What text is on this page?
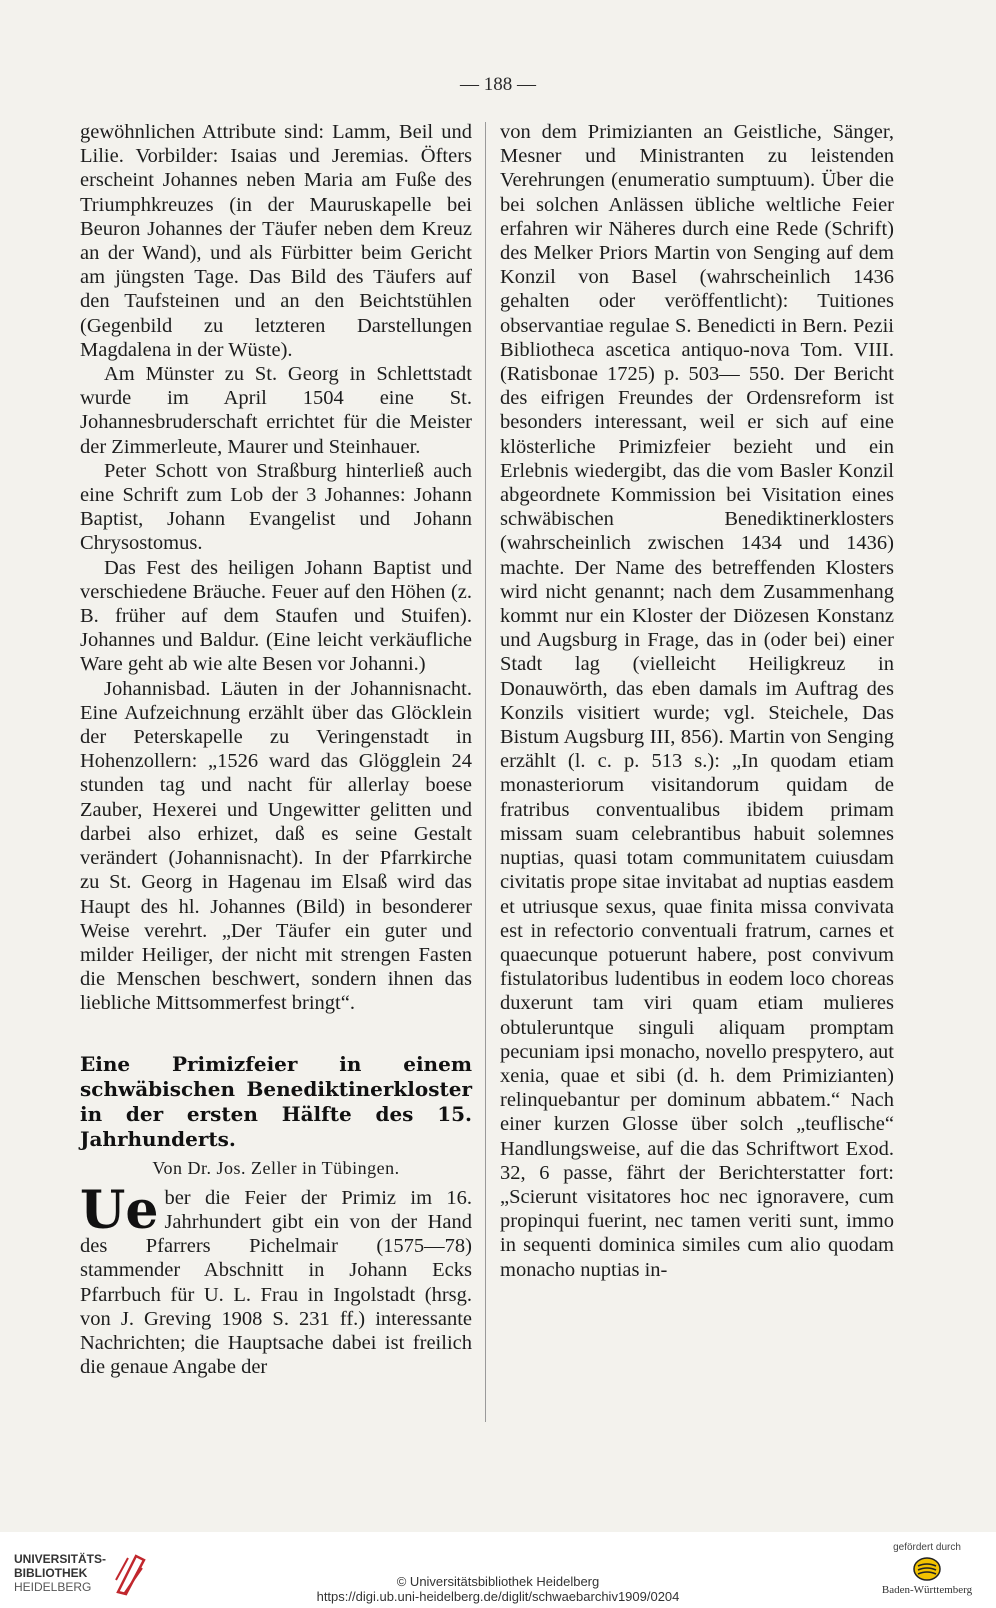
— 188 —

gewöhnlichen Attribute sind: Lamm, Beil und Lilie. Vorbilder: Isaias und Jeremias. Öfters erscheint Johannes neben Maria am Fuße des Triumphkreuzes (in der Mauruskapelle bei Beuron Johannes der Täufer neben dem Kreuz an der Wand), und als Fürbitter beim Gericht am jüngsten Tage. Das Bild des Täufers auf den Taufsteinen und an den Beichtstühlen (Gegenbild zu letzteren Darstellungen Magdalena in der Wüste).

Am Münster zu St. Georg in Schlettstadt wurde im April 1504 eine St. Johannesbruderschaft errichtet für die Meister der Zimmerleute, Maurer und Steinhauer.

Peter Schott von Straßburg hinterließ auch eine Schrift zum Lob der 3 Johannes: Johann Baptist, Johann Evangelist und Johann Chrysostomus.

Das Fest des heiligen Johann Baptist und verschiedene Bräuche. Feuer auf den Höhen (z. B. früher auf dem Staufen und Stuifen). Johannes und Baldur. (Eine leicht verkäufliche Ware geht ab wie alte Besen vor Johanni.)

Johannisbad. Läuten in der Johannisnacht. Eine Aufzeichnung erzählt über das Glöcklein der Peterskapelle zu Veringenstadt in Hohenzollern: „1526 ward das Glögglein 24 stunden tag und nacht für allerlay boese Zauber, Hexerei und Ungewitter gelitten und darbei also erhizet, daß es seine Gestalt verändert (Johannisnacht). In der Pfarrkirche zu St. Georg in Hagenau im Elsaß wird das Haupt des hl. Johannes (Bild) in besonderer Weise verehrt. „Der Täufer ein guter und milder Heiliger, der nicht mit strengen Fasten die Menschen beschwert, sondern ihnen das liebliche Mittsommerfest bringt“.

Eine Primizfeier in einem schwäbischen Benediktinerkloster in der ersten Hälfte des 15. Jahrhunderts.
Von Dr. Jos. Zeller in Tübingen.

Ue ber die Feier der Primiz im 16. Jahrhundert gibt ein von der Hand des Pfarrers Pichelmair (1575—78) stammender Abschnitt in Johann Ecks Pfarrbuch für U. L. Frau in Ingolstadt (hrsg. von J. Greving 1908 S. 231 ff.) interessante Nachrichten; die Hauptsache dabei ist freilich die genaue Angabe der

von dem Primizianten an Geistliche, Sänger, Mesner und Ministranten zu leistenden Verehrungen (enumeratio sumptuum). Über die bei solchen Anlässen übliche weltliche Feier erfahren wir Näheres durch eine Rede (Schrift) des Melker Priors Martin von Senging auf dem Konzil von Basel (wahrscheinlich 1436 gehalten oder veröffentlicht): Tuitiones observantiae regulae S. Benedicti in Bern. Pezii Bibliotheca ascetica antiquo-nova Tom. VIII. (Ratisbonae 1725) p. 503— 550. Der Bericht des eifrigen Freundes der Ordensreform ist besonders interessant, weil er sich auf eine klösterliche Primizfeier bezieht und ein Erlebnis wiedergibt, das die vom Basler Konzil abgeordnete Kommission bei Visitation eines schwäbischen Benediktinerklosters (wahrscheinlich zwischen 1434 und 1436) machte. Der Name des betreffenden Klosters wird nicht genannt; nach dem Zusammenhang kommt nur ein Kloster der Diözesen Konstanz und Augsburg in Frage, das in (oder bei) einer Stadt lag (vielleicht Heiligkreuz in Donauwörth, das eben damals im Auftrag des Konzils visitiert wurde; vgl. Steichele, Das Bistum Augsburg III, 856). Martin von Senging erzählt (l. c. p. 513 s.): „In quodam etiam monasteriorum visitandorum quidam de fratribus conventualibus ibidem primam missam suam celebrantibus habuit solemnes nuptias, quasi totam communitatem cuiusdam civitatis prope sitae invitabat ad nuptias easdem et utriusque sexus, quae finita missa convivata est in refectorio conventuali fratrum, carnes et quaecunque potuerunt habere, post convivum fistulatoribus ludentibus in eodem loco choreas duxerunt tam viri quam etiam mulieres obtuleruntque singuli aliquam promptam pecuniam ipsi monacho, novello prespytero, aut xenia, quae et sibi (d. h. dem Primizianten) relinquebantur per dominum abbatem.“ Nach einer kurzen Glosse über solch „teuflische“ Handlungsweise, auf die das Schriftwort Exod. 32, 6 passe, fährt der Berichterstatter fort: „Scierunt visitatores hoc nec ignoravere, cum propinqui fuerint, nec tamen veriti sunt, immo in sequenti dominica similes cum alio quodam monacho nuptias in-

UNIVERSITÄTS-
BIBLIOTHEK
HEIDELBERG	© Universitätsbibliothek Heidelberg
https://digi.ub.uni-heidelberg.de/diglit/schwaebarchiv1909/0204
gefördert durch
Baden-Württemberg
